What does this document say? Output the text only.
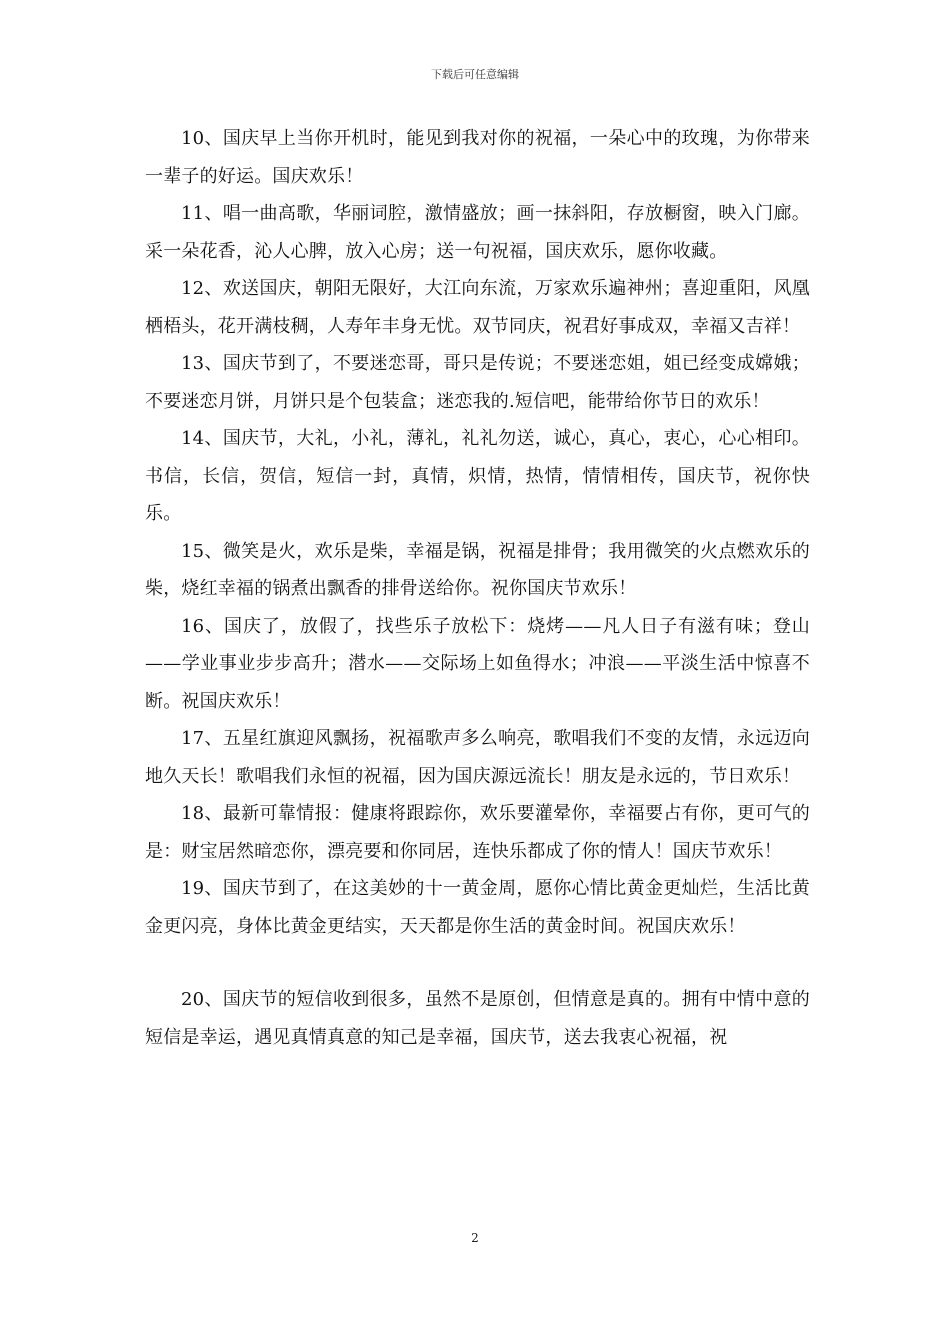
下载后可任意编辑

10、国庆早上当你开机时，能见到我对你的祝福，一朵心中的玫瑰，为你带来一辈子的好运。国庆欢乐！

11、唱一曲高歌，华丽词腔，激情盛放；画一抹斜阳，存放橱窗，映入门廊。采一朵花香，沁人心脾，放入心房；送一句祝福，国庆欢乐，愿你收藏。

12、欢送国庆，朝阳无限好，大江向东流，万家欢乐遍神州；喜迎重阳，风凰栖梧头，花开满枝稠，人寿年丰身无忧。双节同庆，祝君好事成双，幸福又吉祥！

13、国庆节到了，不要迷恋哥，哥只是传说；不要迷恋姐，姐已经变成嫦娥；不要迷恋月饼，月饼只是个包装盒；迷恋我的.短信吧，能带给你节日的欢乐！

14、国庆节，大礼，小礼，薄礼，礼礼勿送，诚心，真心，衷心，心心相印。书信，长信，贺信，短信一封，真情，炽情，热情，情情相传，国庆节，祝你快乐。

15、微笑是火，欢乐是柴，幸福是锅，祝福是排骨；我用微笑的火点燃欢乐的柴，烧红幸福的锅煮出飘香的排骨送给你。祝你国庆节欢乐！

16、国庆了，放假了，找些乐子放松下：烧烤——凡人日子有滋有味；登山——学业事业步步高升；潜水——交际场上如鱼得水；冲浪——平淡生活中惊喜不断。祝国庆欢乐！

17、五星红旗迎风飘扬，祝福歌声多么响亮，歌唱我们不变的友情，永远迈向地久天长！歌唱我们永恒的祝福，因为国庆源远流长！朋友是永远的，节日欢乐！

18、最新可靠情报：健康将跟踪你，欢乐要灌晕你，幸福要占有你，更可气的是：财宝居然暗恋你，漂亮要和你同居，连快乐都成了你的情人！国庆节欢乐！

19、国庆节到了，在这美妙的十一黄金周，愿你心情比黄金更灿烂，生活比黄金更闪亮，身体比黄金更结实，天天都是你生活的黄金时间。祝国庆欢乐！

20、国庆节的短信收到很多，虽然不是原创，但情意是真的。拥有中情中意的短信是幸运，遇见真情真意的知己是幸福，国庆节，送去我衷心祝福，祝

2
